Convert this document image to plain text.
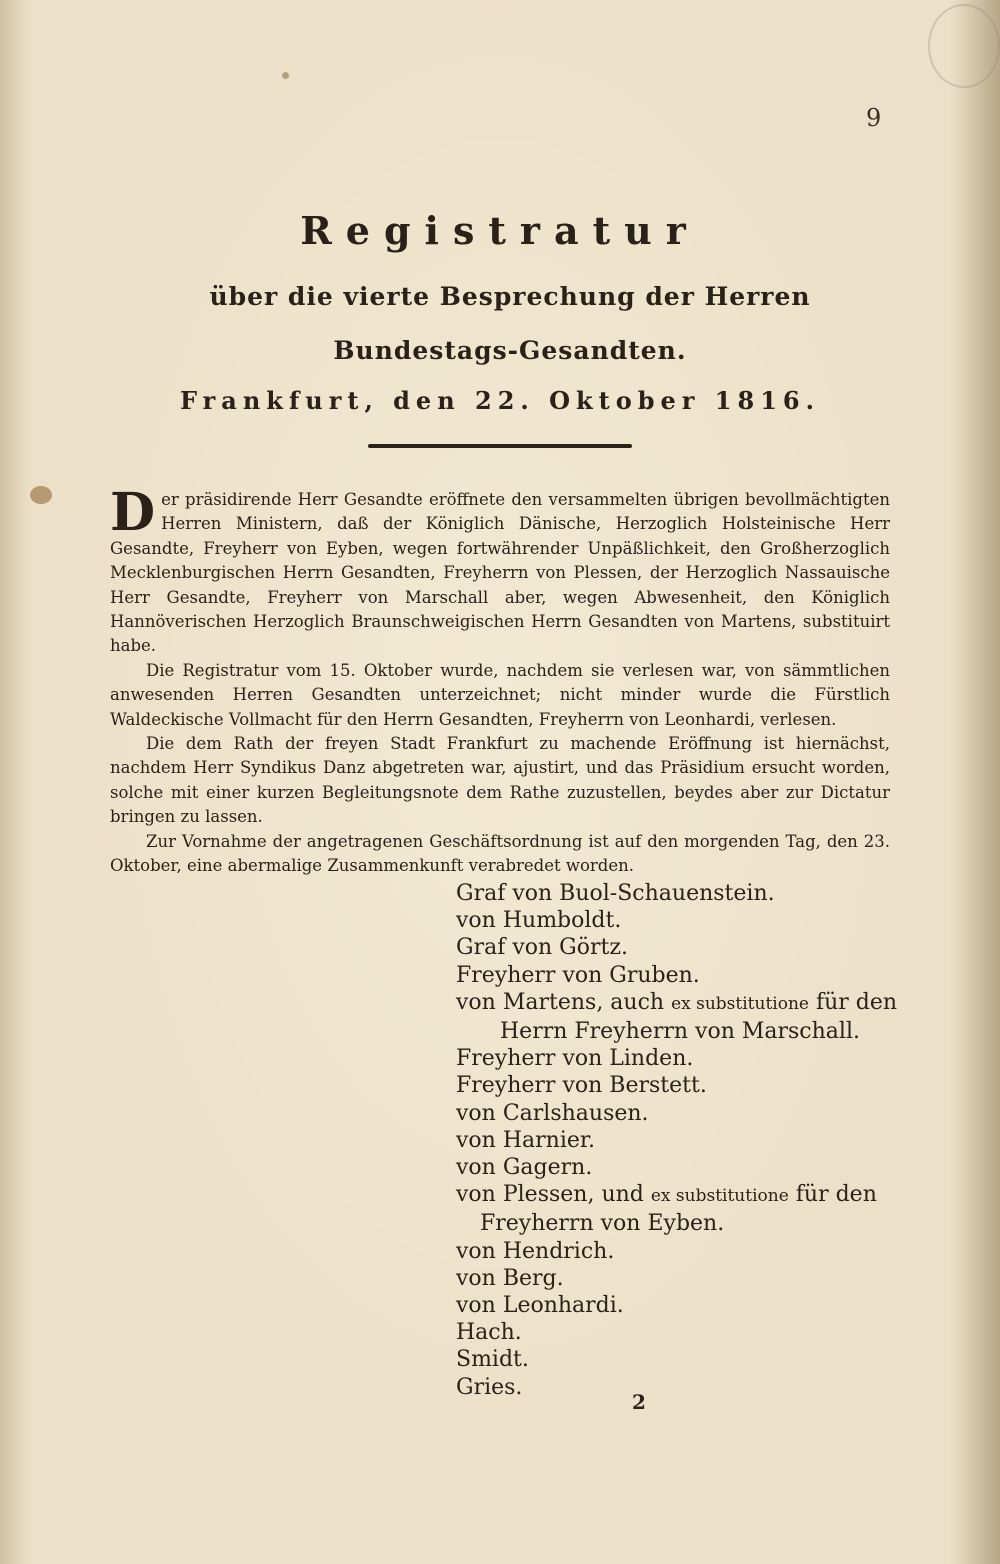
9
Registratur
über die vierte Besprechung der Herren Bundestags-Gesandten.
Frankfurt, den 22. Oktober 1816.

Der präsidirende Herr Gesandte eröffnete den versammelten übrigen bevollmächtigten Herren Ministern, daß der Königlich Dänische, Herzoglich Holsteinische Herr Gesandte, Freyherr von Eyben, wegen fortwährender Unpäßlichkeit, den Großherzoglich Mecklenburgischen Herrn Gesandten, Freyherrn von Plessen, der Herzoglich Nassauische Herr Gesandte, Freyherr von Marschall aber, wegen Abwesenheit, den Königlich Hannöverischen Herzoglich Braunschweigischen Herrn Gesandten von Martens, substituirt habe.

Die Registratur vom 15. Oktober wurde, nachdem sie verlesen war, von sämmtlichen anwesenden Herren Gesandten unterzeichnet; nicht minder wurde die Fürstlich Waldeckische Vollmacht für den Herrn Gesandten, Freyherrn von Leonhardi, verlesen.

Die dem Rath der freyen Stadt Frankfurt zu machende Eröffnung ist hiernächst, nachdem Herr Syndikus Danz abgetreten war, ajustirt, und das Präsidium ersucht worden, solche mit einer kurzen Begleitungsnote dem Rathe zuzustellen, beydes aber zur Dictatur bringen zu lassen.

Zur Vornahme der angetragenen Geschäftsordnung ist auf den morgenden Tag, den 23. Oktober, eine abermalige Zusammenkunft verabredet worden.

Graf von Buol-Schauenstein.
von Humboldt.
Graf von Görtz.
Freyherr von Gruben.
von Martens, auch ex substitutione für den
Herrn Freyherrn von Marschall.
Freyherr von Linden.
Freyherr von Berstett.
von Carlshausen.
von Harnier.
von Gagern.
von Plessen, und ex substitutione für den
Freyherrn von Eyben.
von Hendrich.
von Berg.
von Leonhardi.
Hach.
Smidt.
Gries.
2
